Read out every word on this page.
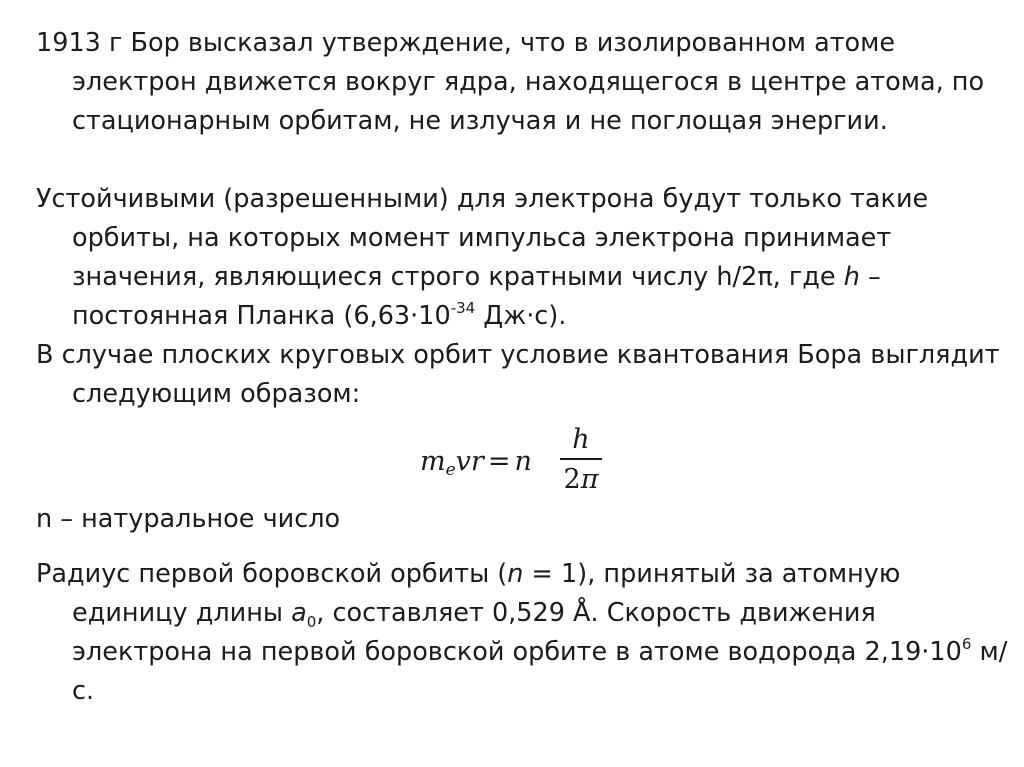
1913 г Бор высказал утверждение, что в изолированном атоме электрон движется вокруг ядра, находящегося в центре атома, по стационарным орбитам, не излучая и не поглощая энергии.

Устойчивыми (разрешенными) для электрона будут только такие орбиты, на которых момент импульса электрона принимает значения, являющиеся строго кратными числу h/2π, где h – постоянная Планка ($6,63\cdot 10^{-34}$ Дж·с).

В случае плоских круговых орбит условие квантования Бора выглядит следующим образом:

$m_evr = n$
h
2π

n – натуральное число

Радиус первой боровской орбиты (n = 1), принятый за атомную единицу длины $a_0$, составляет 0,529 Å. Скорость движения электрона на первой боровской орбите в атоме водорода $2,19\cdot 10^6$ м/с.
